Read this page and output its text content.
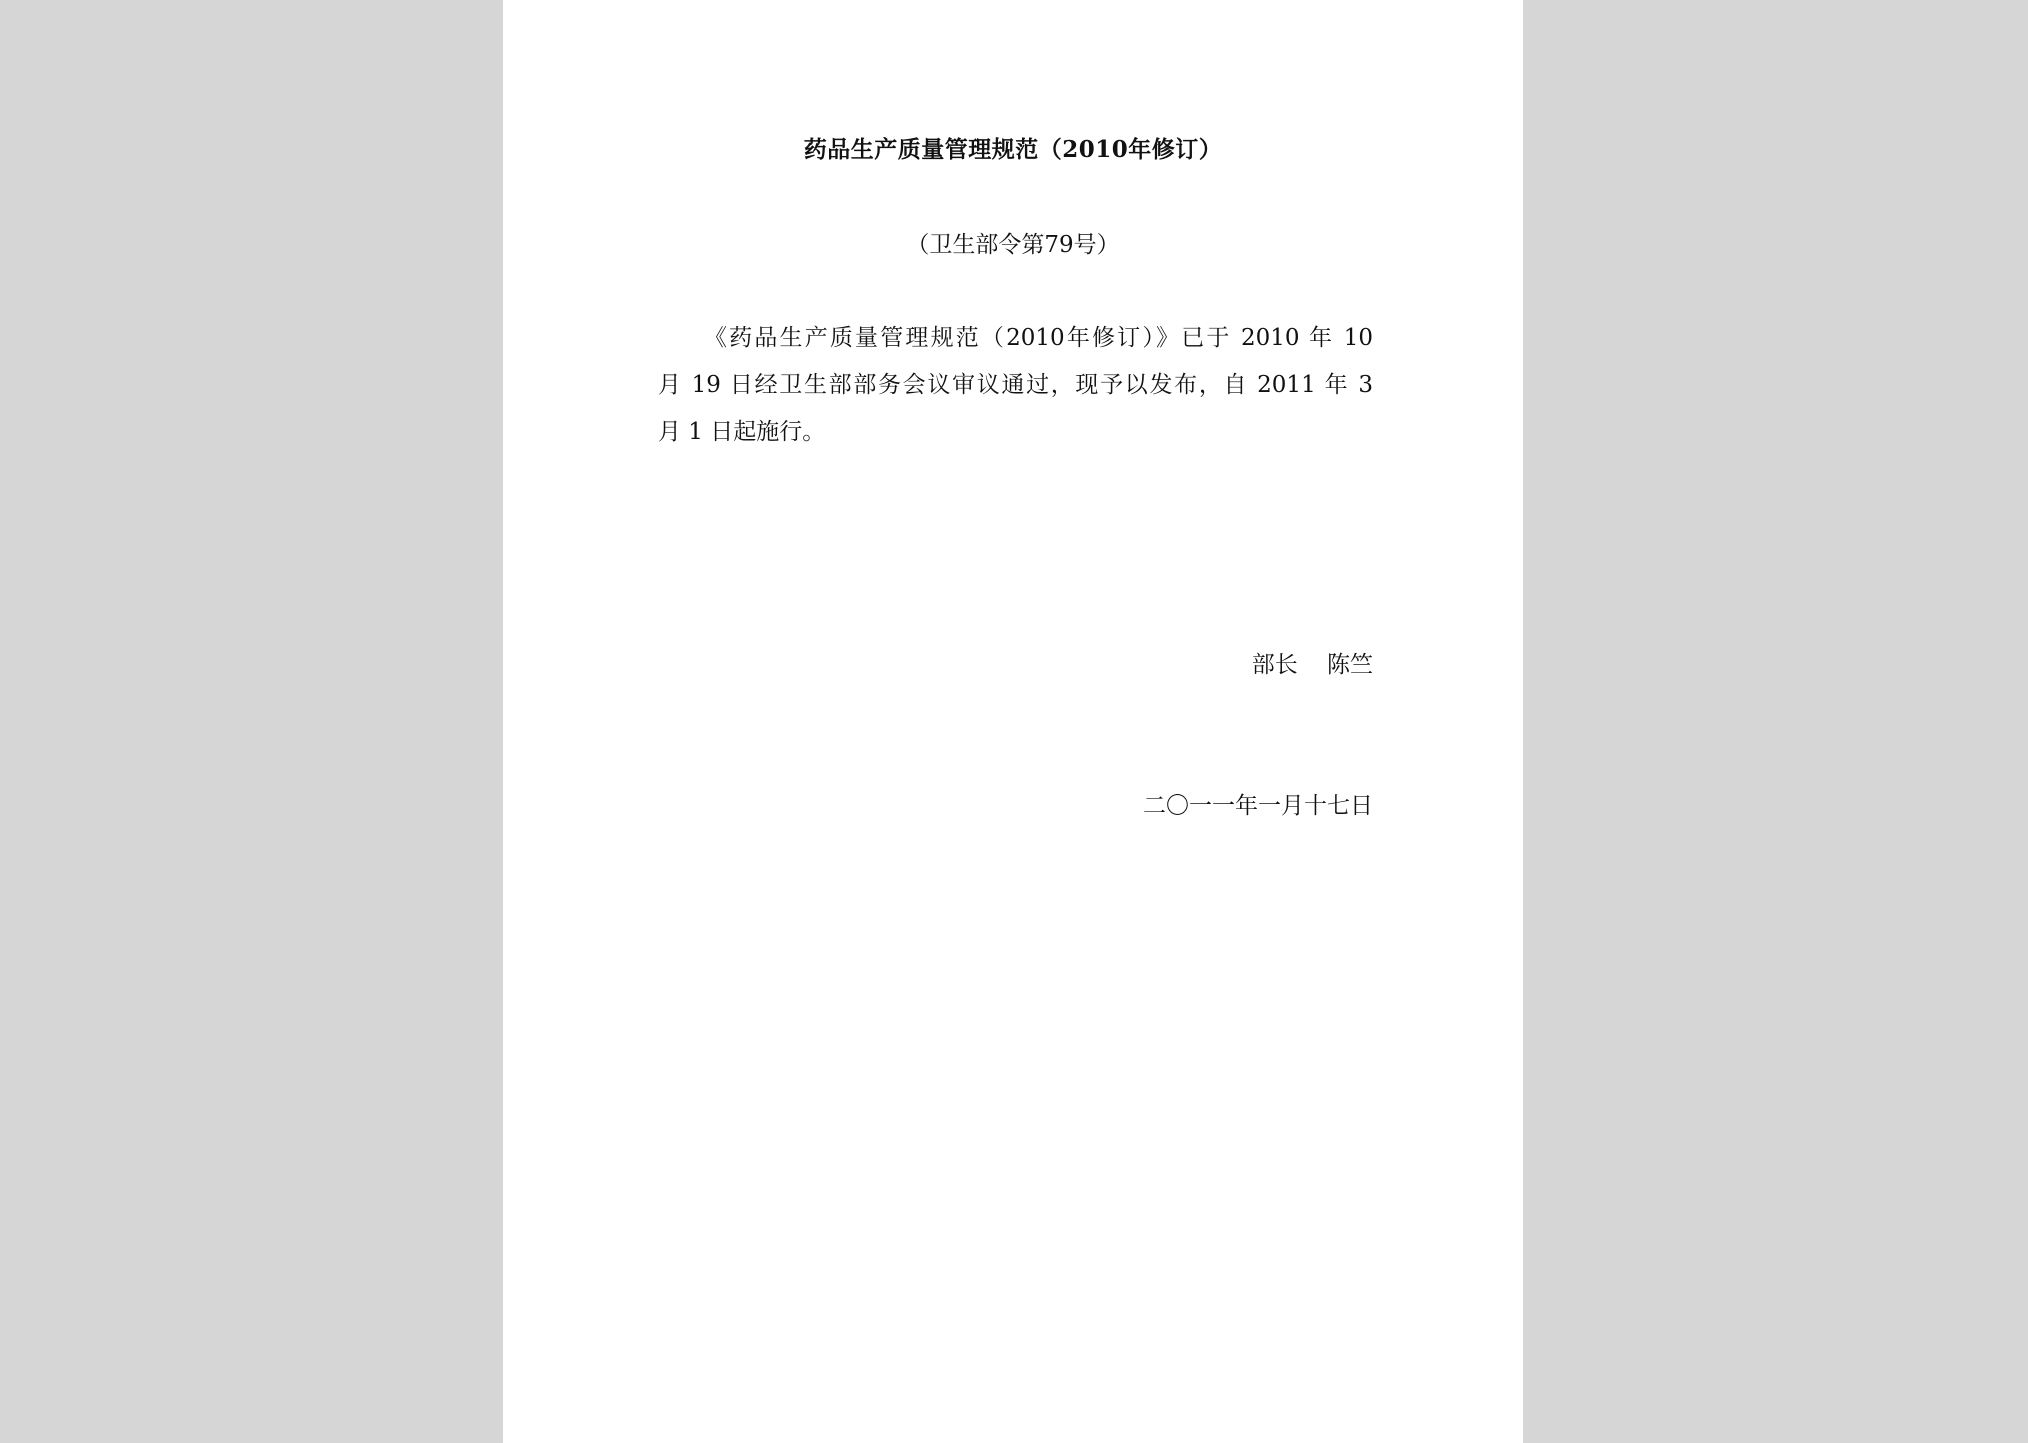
药品生产质量管理规范（2010年修订）
（卫生部令第79号）
《药品生产质量管理规范（2010年修订）》已于 2010 年 10
月 19 日经卫生部部务会议审议通过，现予以发布，自 2011 年 3
月 1 日起施行。

部长    陈竺

二〇一一年一月十七日
